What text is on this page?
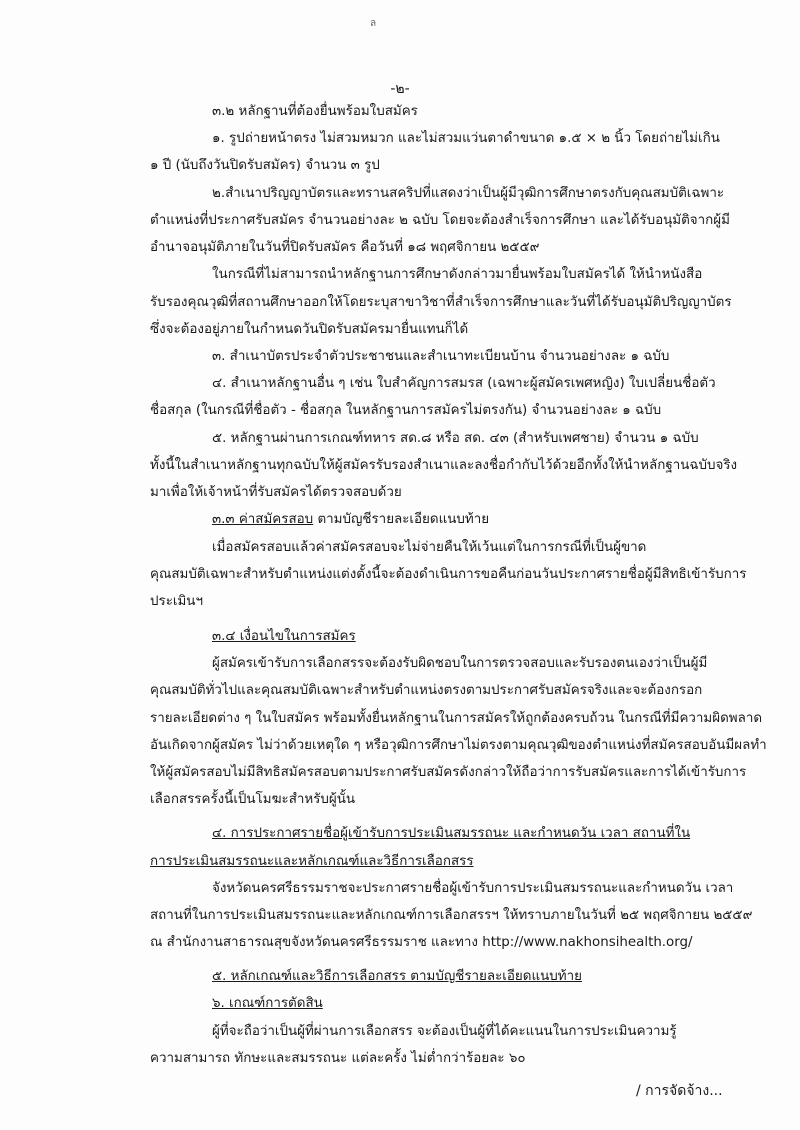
ล
-๒-
๓.๒ หลักฐานที่ต้องยื่นพร้อมใบสมัคร
๑. รูปถ่ายหน้าตรง ไม่สวมหมวก และไม่สวมแว่นตาดำขนาด ๑.๕ × ๒ นิ้ว โดยถ่ายไม่เกิน
๑ ปี (นับถึงวันปิดรับสมัคร) จำนวน ๓ รูป
๒.สำเนาปริญญาบัตรและทรานสคริปที่แสดงว่าเป็นผู้มีวุฒิการศึกษาตรงกับคุณสมบัติเฉพาะ
ตำแหน่งที่ประกาศรับสมัคร จำนวนอย่างละ ๒ ฉบับ โดยจะต้องสำเร็จการศึกษา และได้รับอนุมัติจากผู้มี
อำนาจอนุมัติภายในวันที่ปิดรับสมัคร คือวันที่ ๑๘ พฤศจิกายน ๒๕๕๙
ในกรณีที่ไม่สามารถนำหลักฐานการศึกษาดังกล่าวมายื่นพร้อมใบสมัครได้ ให้นำหนังสือ
รับรองคุณวุฒิที่สถานศึกษาออกให้โดยระบุสาขาวิชาที่สำเร็จการศึกษาและวันที่ได้รับอนุมัติปริญญาบัตร
ซึ่งจะต้องอยู่ภายในกำหนดวันปิดรับสมัครมายื่นแทนก็ได้
๓. สำเนาบัตรประจำตัวประชาชนและสำเนาทะเบียนบ้าน จำนวนอย่างละ ๑ ฉบับ
๔. สำเนาหลักฐานอื่น ๆ เช่น ใบสำคัญการสมรส (เฉพาะผู้สมัครเพศหญิง) ใบเปลี่ยนชื่อตัว
ชื่อสกุล (ในกรณีที่ชื่อตัว - ชื่อสกุล ในหลักฐานการสมัครไม่ตรงกัน) จำนวนอย่างละ ๑ ฉบับ
๕. หลักฐานผ่านการเกณฑ์ทหาร สด.๘ หรือ สด. ๔๓ (สำหรับเพศชาย) จำนวน ๑ ฉบับ
ทั้งนี้ในสำเนาหลักฐานทุกฉบับให้ผู้สมัครรับรองสำเนาและลงชื่อกำกับไว้ด้วยอีกทั้งให้นำหลักฐานฉบับจริง
มาเพื่อให้เจ้าหน้าที่รับสมัครได้ตรวจสอบด้วย
๓.๓ ค่าสมัครสอบ ตามบัญชีรายละเอียดแนบท้าย
เมื่อสมัครสอบแล้วค่าสมัครสอบจะไม่จ่ายคืนให้เว้นแต่ในการกรณีที่เป็นผู้ขาด
คุณสมบัติเฉพาะสำหรับตำแหน่งแต่งตั้งนี้จะต้องดำเนินการขอคืนก่อนวันประกาศรายชื่อผู้มีสิทธิเข้ารับการ
ประเมินฯ
๓.๔ เงื่อนไขในการสมัคร
ผู้สมัครเข้ารับการเลือกสรรจะต้องรับผิดชอบในการตรวจสอบและรับรองตนเองว่าเป็นผู้มี
คุณสมบัติทั่วไปและคุณสมบัติเฉพาะสำหรับตำแหน่งตรงตามประกาศรับสมัครจริงและจะต้องกรอก
รายละเอียดต่าง ๆ ในใบสมัคร พร้อมทั้งยื่นหลักฐานในการสมัครให้ถูกต้องครบถ้วน ในกรณีที่มีความผิดพลาด
อันเกิดจากผู้สมัคร ไม่ว่าด้วยเหตุใด ๆ หรือวุฒิการศึกษาไม่ตรงตามคุณวุฒิของตำแหน่งที่สมัครสอบอันมีผลทำ
ให้ผู้สมัครสอบไม่มีสิทธิสมัครสอบตามประกาศรับสมัครดังกล่าวให้ถือว่าการรับสมัครและการได้เข้ารับการ
เลือกสรรครั้งนี้เป็นโมฆะสำหรับผู้นั้น
๔. การประกาศรายชื่อผู้เข้ารับการประเมินสมรรถนะ และกำหนดวัน เวลา สถานที่ใน
การประเมินสมรรถนะและหลักเกณฑ์และวิธีการเลือกสรร
จังหวัดนครศรีธรรมราชจะประกาศรายชื่อผู้เข้ารับการประเมินสมรรถนะและกำหนดวัน เวลา
สถานที่ในการประเมินสมรรถนะและหลักเกณฑ์การเลือกสรรฯ ให้ทราบภายในวันที่ ๒๕ พฤศจิกายน ๒๕๕๙
ณ สำนักงานสาธารณสุขจังหวัดนครศรีธรรมราช และทาง http://www.nakhonsihealth.org/
๕. หลักเกณฑ์และวิธีการเลือกสรร ตามบัญชีรายละเอียดแนบท้าย
๖. เกณฑ์การตัดสิน
ผู้ที่จะถือว่าเป็นผู้ที่ผ่านการเลือกสรร จะต้องเป็นผู้ที่ได้คะแนนในการประเมินความรู้
ความสามารถ ทักษะและสมรรถนะ แต่ละครั้ง ไม่ต่ำกว่าร้อยละ ๖๐
/ การจัดจ้าง...
